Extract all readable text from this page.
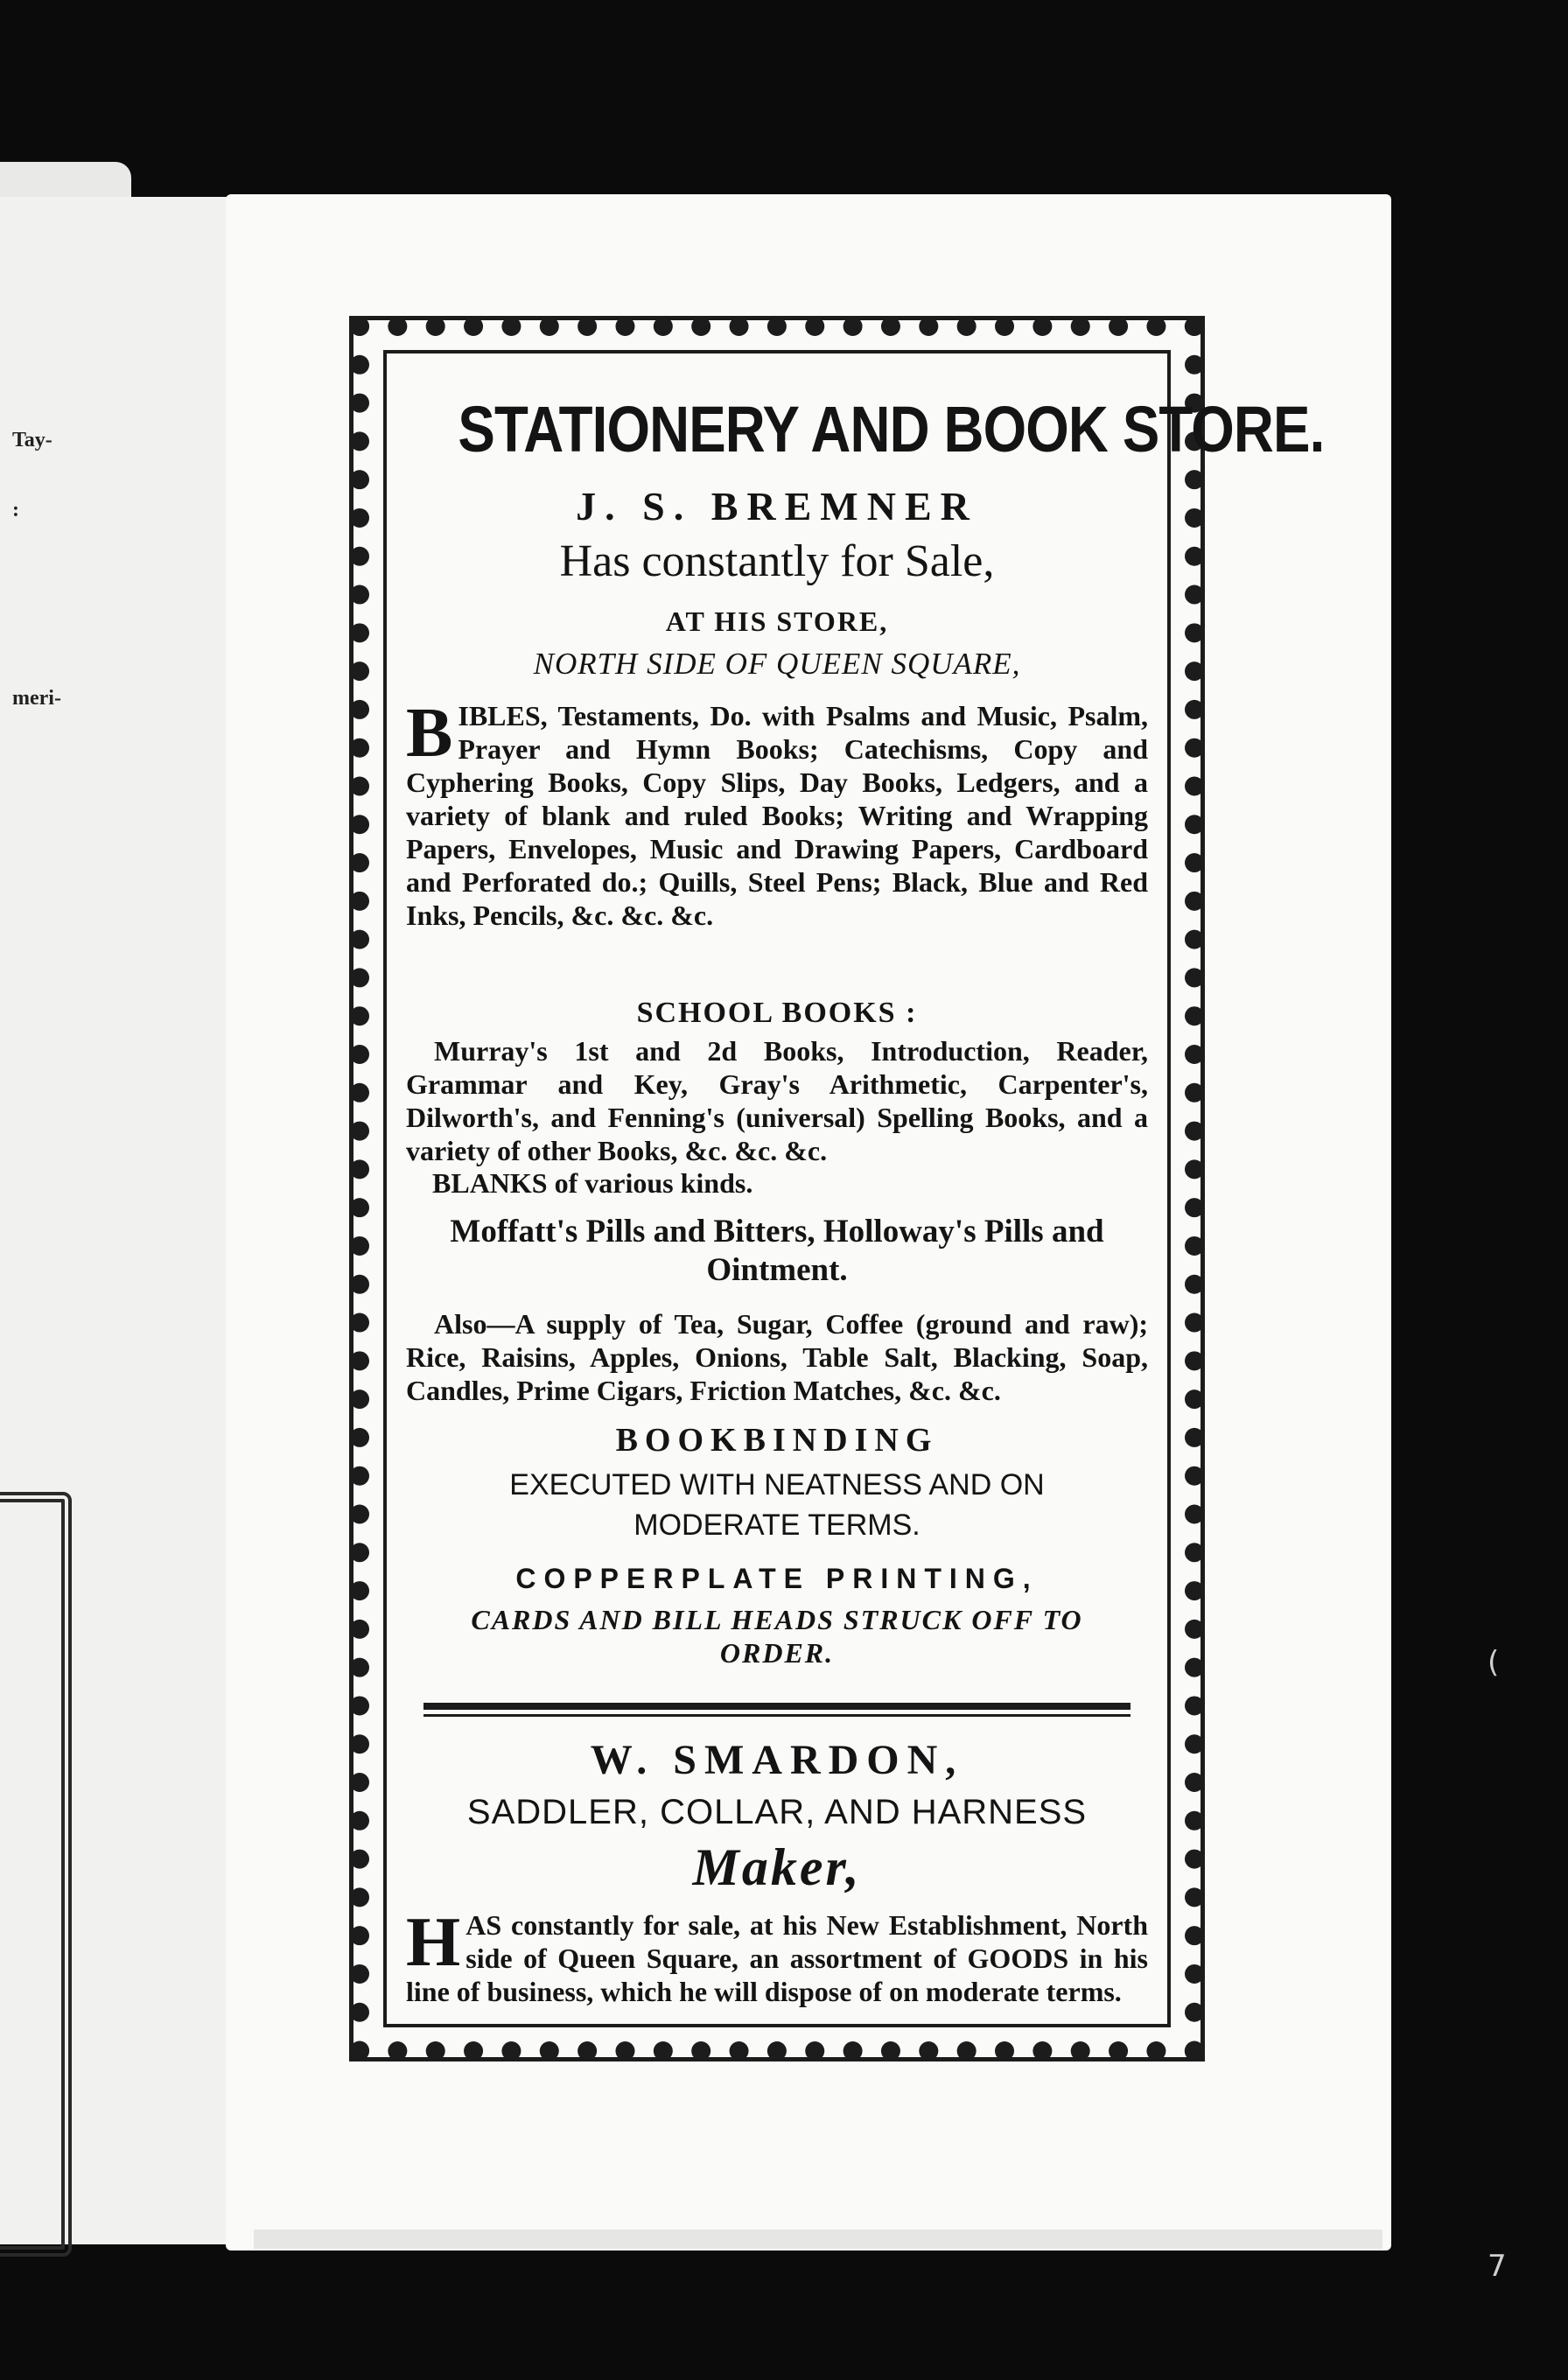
Tay-
:
meri-
STATIONERY AND BOOK STORE.
J. S. BREMNER
Has constantly for Sale,
AT HIS STORE,
NORTH SIDE OF QUEEN SQUARE,
BIBLES, Testaments, Do. with Psalms and Music, Psalm, Prayer and Hymn Books; Catechisms, Copy and Cyphering Books, Copy Slips, Day Books, Ledgers, and a variety of blank and ruled Books; Writing and Wrapping Papers, Envelopes, Music and Drawing Papers, Cardboard and Perforated do.; Quills, Steel Pens; Black, Blue and Red Inks, Pencils, &c. &c. &c.
SCHOOL BOOKS :
Murray's 1st and 2d Books, Introduction, Reader, Grammar and Key, Gray's Arithmetic, Carpenter's, Dilworth's, and Fenning's (universal) Spelling Books, and a variety of other Books, &c. &c. &c.
BLANKS of various kinds.
Moffatt's Pills and Bitters, Holloway's Pills and Ointment.
Also—A supply of Tea, Sugar, Coffee (ground and raw); Rice, Raisins, Apples, Onions, Table Salt, Blacking, Soap, Candles, Prime Cigars, Friction Matches, &c. &c.
BOOKBINDING
EXECUTED WITH NEATNESS AND ON MODERATE TERMS.
COPPERPLATE PRINTING,
CARDS AND BILL HEADS STRUCK OFF TO ORDER.
W. SMARDON,
SADDLER, COLLAR, AND HARNESS
Maker,
HAS constantly for sale, at his New Establishment, North side of Queen Square, an assortment of GOODS in his line of business, which he will dispose of on moderate terms.
(
7
